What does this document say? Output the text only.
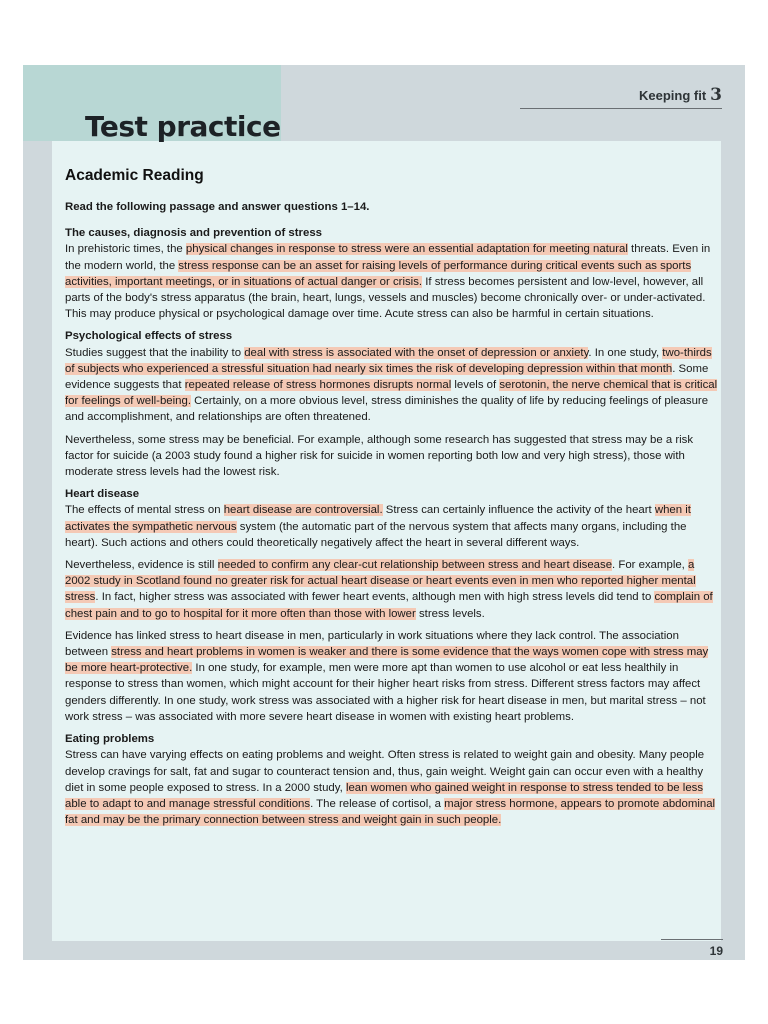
Keeping fit 3
Test practice
Academic Reading

Read the following passage and answer questions 1–14.

The causes, diagnosis and prevention of stress

In prehistoric times, the physical changes in response to stress were an essential adaptation for meeting natural threats. Even in the modern world, the stress response can be an asset for raising levels of performance during critical events such as sports activities, important meetings, or in situations of actual danger or crisis. If stress becomes persistent and low-level, however, all parts of the body's stress apparatus (the brain, heart, lungs, vessels and muscles) become chronically over- or under-activated. This may produce physical or psychological damage over time. Acute stress can also be harmful in certain situations.

Psychological effects of stress

Studies suggest that the inability to deal with stress is associated with the onset of depression or anxiety. In one study, two-thirds of subjects who experienced a stressful situation had nearly six times the risk of developing depression within that month. Some evidence suggests that repeated release of stress hormones disrupts normal levels of serotonin, the nerve chemical that is critical for feelings of well-being. Certainly, on a more obvious level, stress diminishes the quality of life by reducing feelings of pleasure and accomplishment, and relationships are often threatened.

Nevertheless, some stress may be beneficial. For example, although some research has suggested that stress may be a risk factor for suicide (a 2003 study found a higher risk for suicide in women reporting both low and very high stress), those with moderate stress levels had the lowest risk.

Heart disease

The effects of mental stress on heart disease are controversial. Stress can certainly influence the activity of the heart when it activates the sympathetic nervous system (the automatic part of the nervous system that affects many organs, including the heart). Such actions and others could theoretically negatively affect the heart in several different ways.

Nevertheless, evidence is still needed to confirm any clear-cut relationship between stress and heart disease. For example, a 2002 study in Scotland found no greater risk for actual heart disease or heart events even in men who reported higher mental stress. In fact, higher stress was associated with fewer heart events, although men with high stress levels did tend to complain of chest pain and to go to hospital for it more often than those with lower stress levels.

Evidence has linked stress to heart disease in men, particularly in work situations where they lack control. The association between stress and heart problems in women is weaker and there is some evidence that the ways women cope with stress may be more heart-protective. In one study, for example, men were more apt than women to use alcohol or eat less healthily in response to stress than women, which might account for their higher heart risks from stress. Different stress factors may affect genders differently. In one study, work stress was associated with a higher risk for heart disease in men, but marital stress – not work stress – was associated with more severe heart disease in women with existing heart problems.

Eating problems

Stress can have varying effects on eating problems and weight. Often stress is related to weight gain and obesity. Many people develop cravings for salt, fat and sugar to counteract tension and, thus, gain weight. Weight gain can occur even with a healthy diet in some people exposed to stress. In a 2000 study, lean women who gained weight in response to stress tended to be less able to adapt to and manage stressful conditions. The release of cortisol, a major stress hormone, appears to promote abdominal fat and may be the primary connection between stress and weight gain in such people.

19
